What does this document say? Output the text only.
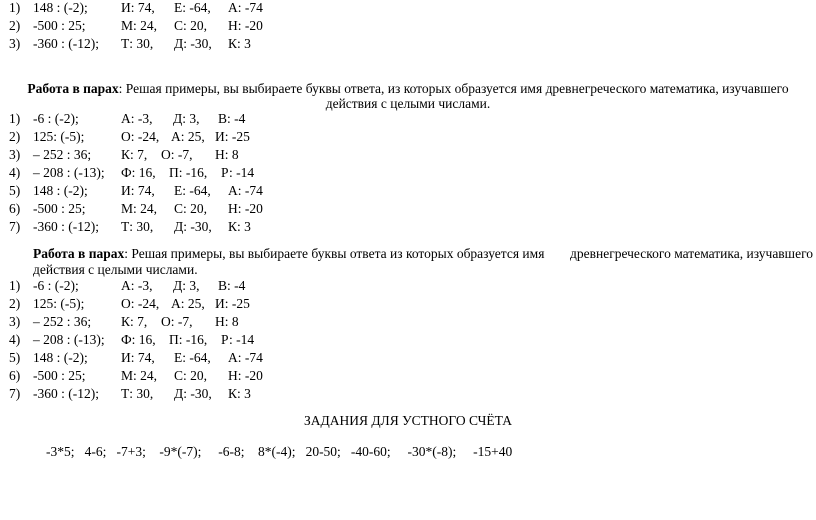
1) 148 : (-2); И: 74, Е: -64, А: -74
2) -500 : 25;	М: 24, С: 20, Н: -20
3) -360 : (-12); Т: 30, Д: -30, К: 3
Работа в парах: Решая примеры, вы выбираете буквы ответа, из которых образуется имя древнегреческого математика, изучавшего
действия с целыми числами.
1) -6 : (-2);	А: -3, Д: 3, В: -4
2) 125: (-5);	О: -24, А: 25, И: -25
3) – 252 : 36; К: 7, О: -7, Н: 8
4) – 208 : (-13); Ф: 16, П: -16, Р: -14
5) 148 : (-2); И: 74, Е: -64, А: -74
6) -500 : 25;	М: 24, С: 20, Н: -20
7) -360 : (-12); Т: 30, Д: -30, К: 3
Работа в парах: Решая примеры, вы выбираете буквы ответа из которых образуется имя древнегреческого математика, изучавшего
действия с целыми числами.
1) -6 : (-2);	А: -3, Д: 3, В: -4
2) 125: (-5);	О: -24, А: 25, И: -25
3) – 252 : 36; К: 7, О: -7, Н: 8
4) – 208 : (-13); Ф: 16, П: -16, Р: -14
5) 148 : (-2); И: 74, Е: -64, А: -74
6) -500 : 25;	М: 24, С: 20, Н: -20
7) -360 : (-12); Т: 30, Д: -30, К: 3
ЗАДАНИЯ ДЛЯ УСТНОГО СЧЁТА
-3*5;   4-6;   -7+3;    -9*(-7);     -6-8;    8*(-4);   20-50;   -40-60;     -30*(-8);     -15+40
